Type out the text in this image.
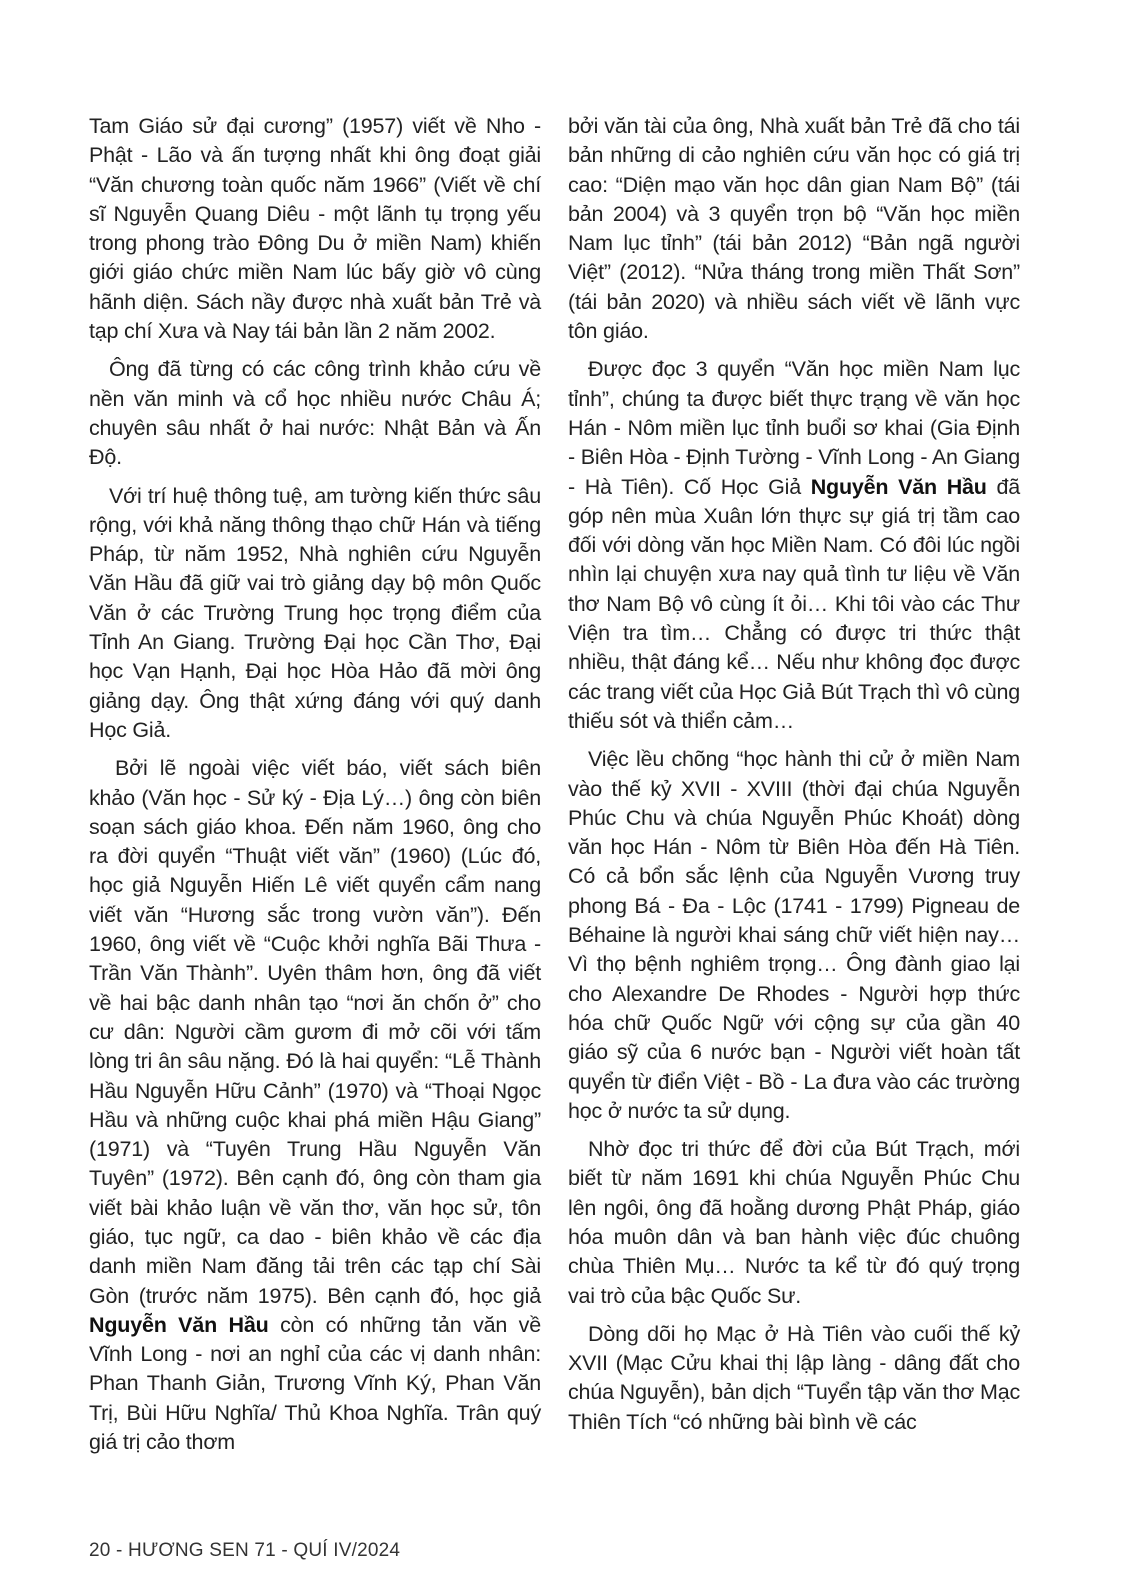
Tam Giáo sử đại cương” (1957) viết về Nho - Phật - Lão và ấn tượng nhất khi ông đoạt giải “Văn chương toàn quốc năm 1966” (Viết về chí sĩ Nguyễn Quang Diêu - một lãnh tụ trọng yếu trong phong trào Đông Du ở miền Nam) khiến giới giáo chức miền Nam lúc bấy giờ vô cùng hãnh diện. Sách nầy được nhà xuất bản Trẻ và tạp chí Xưa và Nay tái bản lần 2 năm 2002.

Ông đã từng có các công trình khảo cứu về nền văn minh và cổ học nhiều nước Châu Á; chuyên sâu nhất ở hai nước: Nhật Bản và Ấn Độ.

Với trí huệ thông tuệ, am tường kiến thức sâu rộng, với khả năng thông thạo chữ Hán và tiếng Pháp, từ năm 1952, Nhà nghiên cứu Nguyễn Văn Hầu đã giữ vai trò giảng dạy bộ môn Quốc Văn ở các Trường Trung học trọng điểm của Tỉnh An Giang. Trường Đại học Cần Thơ, Đại học Vạn Hạnh, Đại học Hòa Hảo đã mời ông giảng dạy. Ông thật xứng đáng với quý danh Học Giả.

Bởi lẽ ngoài việc viết báo, viết sách biên khảo (Văn học - Sử ký - Địa Lý…) ông còn biên soạn sách giáo khoa. Đến năm 1960, ông cho ra đời quyển “Thuật viết văn” (1960) (Lúc đó, học giả Nguyễn Hiến Lê viết quyển cẩm nang viết văn “Hương sắc trong vườn văn”). Đến 1960, ông viết về “Cuộc khởi nghĩa Bãi Thưa - Trần Văn Thành”. Uyên thâm hơn, ông đã viết về hai bậc danh nhân tạo “nơi ăn chốn ở” cho cư dân: Người cầm gươm đi mở cõi với tấm lòng tri ân sâu nặng. Đó là hai quyển: “Lễ Thành Hầu Nguyễn Hữu Cảnh” (1970) và “Thoại Ngọc Hầu và những cuộc khai phá miền Hậu Giang” (1971) và “Tuyên Trung Hầu Nguyễn Văn Tuyên” (1972). Bên cạnh đó, ông còn tham gia viết bài khảo luận về văn thơ, văn học sử, tôn giáo, tục ngữ, ca dao - biên khảo về các địa danh miền Nam đăng tải trên các tạp chí Sài Gòn (trước năm 1975). Bên cạnh đó, học giả Nguyễn Văn Hầu còn có những tản văn về Vĩnh Long - nơi an nghỉ của các vị danh nhân: Phan Thanh Giản, Trương Vĩnh Ký, Phan Văn Trị, Bùi Hữu Nghĩa/ Thủ Khoa Nghĩa. Trân quý giá trị cảo thơm

bởi văn tài của ông, Nhà xuất bản Trẻ đã cho tái bản những di cảo nghiên cứu văn học có giá trị cao: “Diện mạo văn học dân gian Nam Bộ” (tái bản 2004) và 3 quyển trọn bộ “Văn học miền Nam lục tỉnh” (tái bản 2012) “Bản ngã người Việt” (2012). “Nửa tháng trong miền Thất Sơn” (tái bản 2020) và nhiều sách viết về lãnh vực tôn giáo.

Được đọc 3 quyển “Văn học miền Nam lục tỉnh”, chúng ta được biết thực trạng về văn học Hán - Nôm miền lục tỉnh buổi sơ khai (Gia Định - Biên Hòa - Định Tường - Vĩnh Long - An Giang - Hà Tiên). Cố Học Giả Nguyễn Văn Hầu đã góp nên mùa Xuân lớn thực sự giá trị tầm cao đối với dòng văn học Miền Nam. Có đôi lúc ngồi nhìn lại chuyện xưa nay quả tình tư liệu về Văn thơ Nam Bộ vô cùng ít ỏi… Khi tôi vào các Thư Viện tra tìm… Chẳng có được tri thức thật nhiều, thật đáng kể… Nếu như không đọc được các trang viết của Học Giả Bút Trạch thì vô cùng thiếu sót và thiển cảm…

Việc lều chõng “học hành thi cử ở miền Nam vào thế kỷ XVII - XVIII (thời đại chúa Nguyễn Phúc Chu và chúa Nguyễn Phúc Khoát) dòng văn học Hán - Nôm từ Biên Hòa đến Hà Tiên. Có cả bổn sắc lệnh của Nguyễn Vương truy phong Bá - Đa - Lộc (1741 - 1799) Pigneau de Béhaine là người khai sáng chữ viết hiện nay… Vì thọ bệnh nghiêm trọng… Ông đành giao lại cho Alexandre De Rhodes - Người hợp thức hóa chữ Quốc Ngữ với cộng sự của gần 40 giáo sỹ của 6 nước bạn - Người viết hoàn tất quyển từ điển Việt - Bồ - La đưa vào các trường học ở nước ta sử dụng.

Nhờ đọc tri thức để đời của Bút Trạch, mới biết từ năm 1691 khi chúa Nguyễn Phúc Chu lên ngôi, ông đã hoằng dương Phật Pháp, giáo hóa muôn dân và ban hành việc đúc chuông chùa Thiên Mụ… Nước ta kể từ đó quý trọng vai trò của bậc Quốc Sư.

Dòng dõi họ Mạc ở Hà Tiên vào cuối thế kỷ XVII (Mạc Cửu khai thị lập làng - dâng đất cho chúa Nguyễn), bản dịch “Tuyển tập văn thơ Mạc Thiên Tích “có những bài bình về các

20 - HƯƠNG SEN 71 - QUÍ IV/2024
